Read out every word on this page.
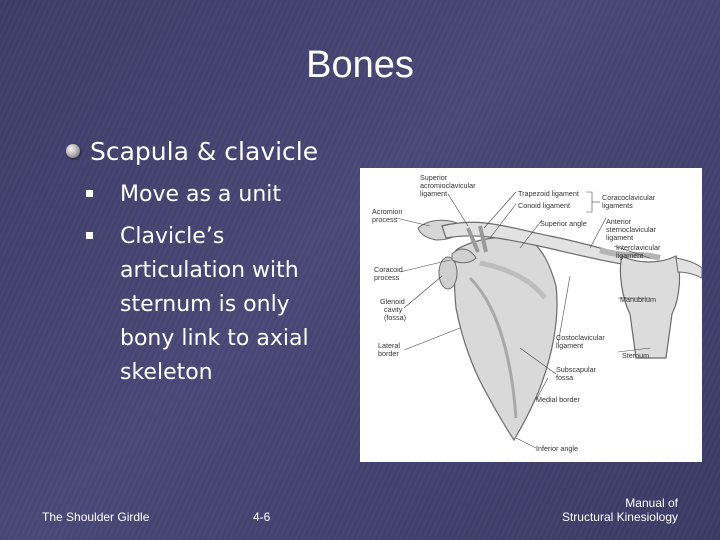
Bones
Scapula & clavicle
Move as a unit
Clavicle’s articulation with sternum is only bony link to axial skeleton
Superior
acromioclavicular
ligament	Trapezoid ligament
Conoid ligament
Coracoclavicular
ligaments
Acromion
process	Superior angle	Anterior
sternoclavicular
ligament
Interclavicular
ligament
Coracoid
process
Manubrium
Glenoid
cavity
(fossa)
Costoclavicular
ligament
Lateral
border	Sternum
Subscapular
fossa
Medial border
Inferior angle
The Shoulder Girdle	4-6
Manual of
Structural Kinesiology
